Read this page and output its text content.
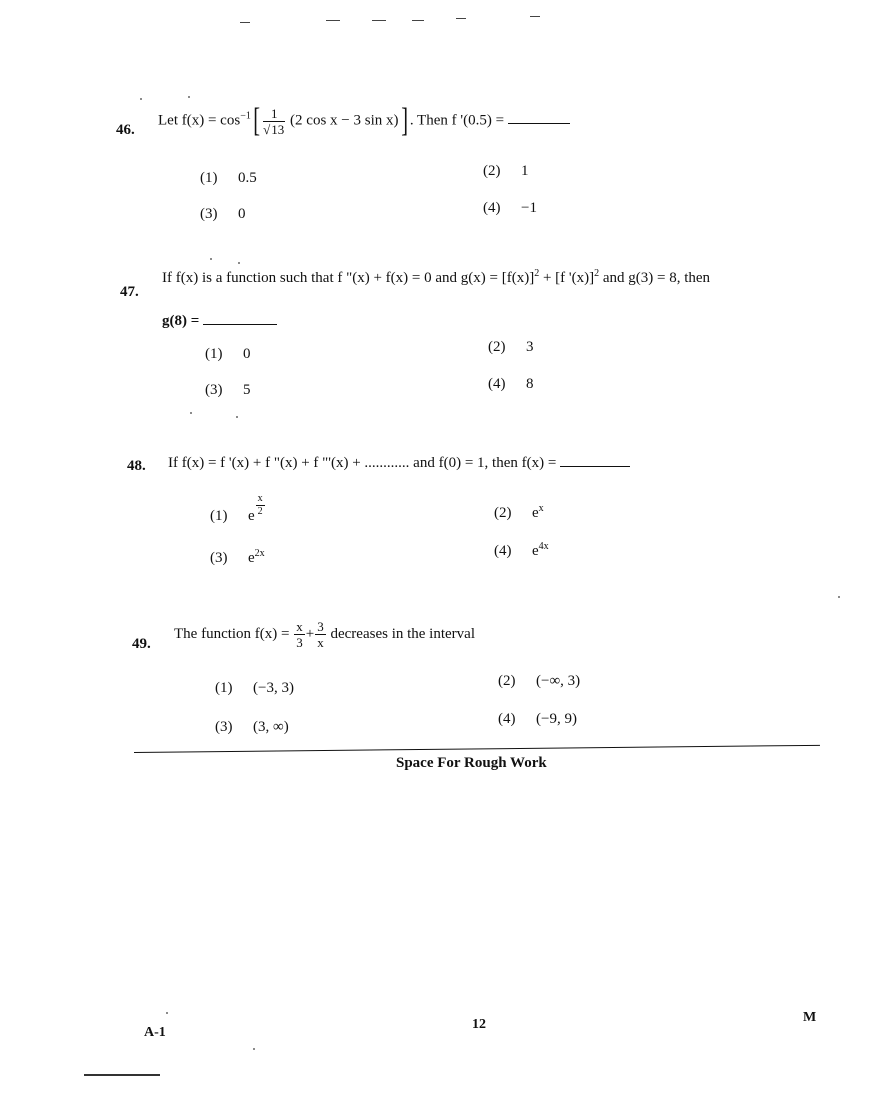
46.
Let $f(x) = \cos^{-1}[ \frac{1}{√13} (2$ cos x − 3 sin x)] . Then f '(0.5) =
(1) 0.5	(2) 1
(3) 0	(4) −1
47.
If f(x) is a function such that f "(x) + f(x) = 0 and $g(x) = [f(x)]^2 + [f$ '(x)]$^2$ and g(3) = 8, then
g(8) =
(1) 0	(2) 3
(3) 5	(4) 8
48. If f(x) = f '(x) + f "(x) + f "'(x) + ............ and f(0) = 1, then f(x) =
(1) e $\frac{x}{2}$	(2) $e^x$
(3) $e^{2x}$	(4) $e^{4x}$
49.
The function $f(x) = \frac{x}{3} + \frac{3}{x}$ decreases in the interval
(1) (−3, 3)	(2) (−∞, 3)
(3) (3, ∞)	(4) (−9, 9)
Space For Rough Work
A-1
12	M
